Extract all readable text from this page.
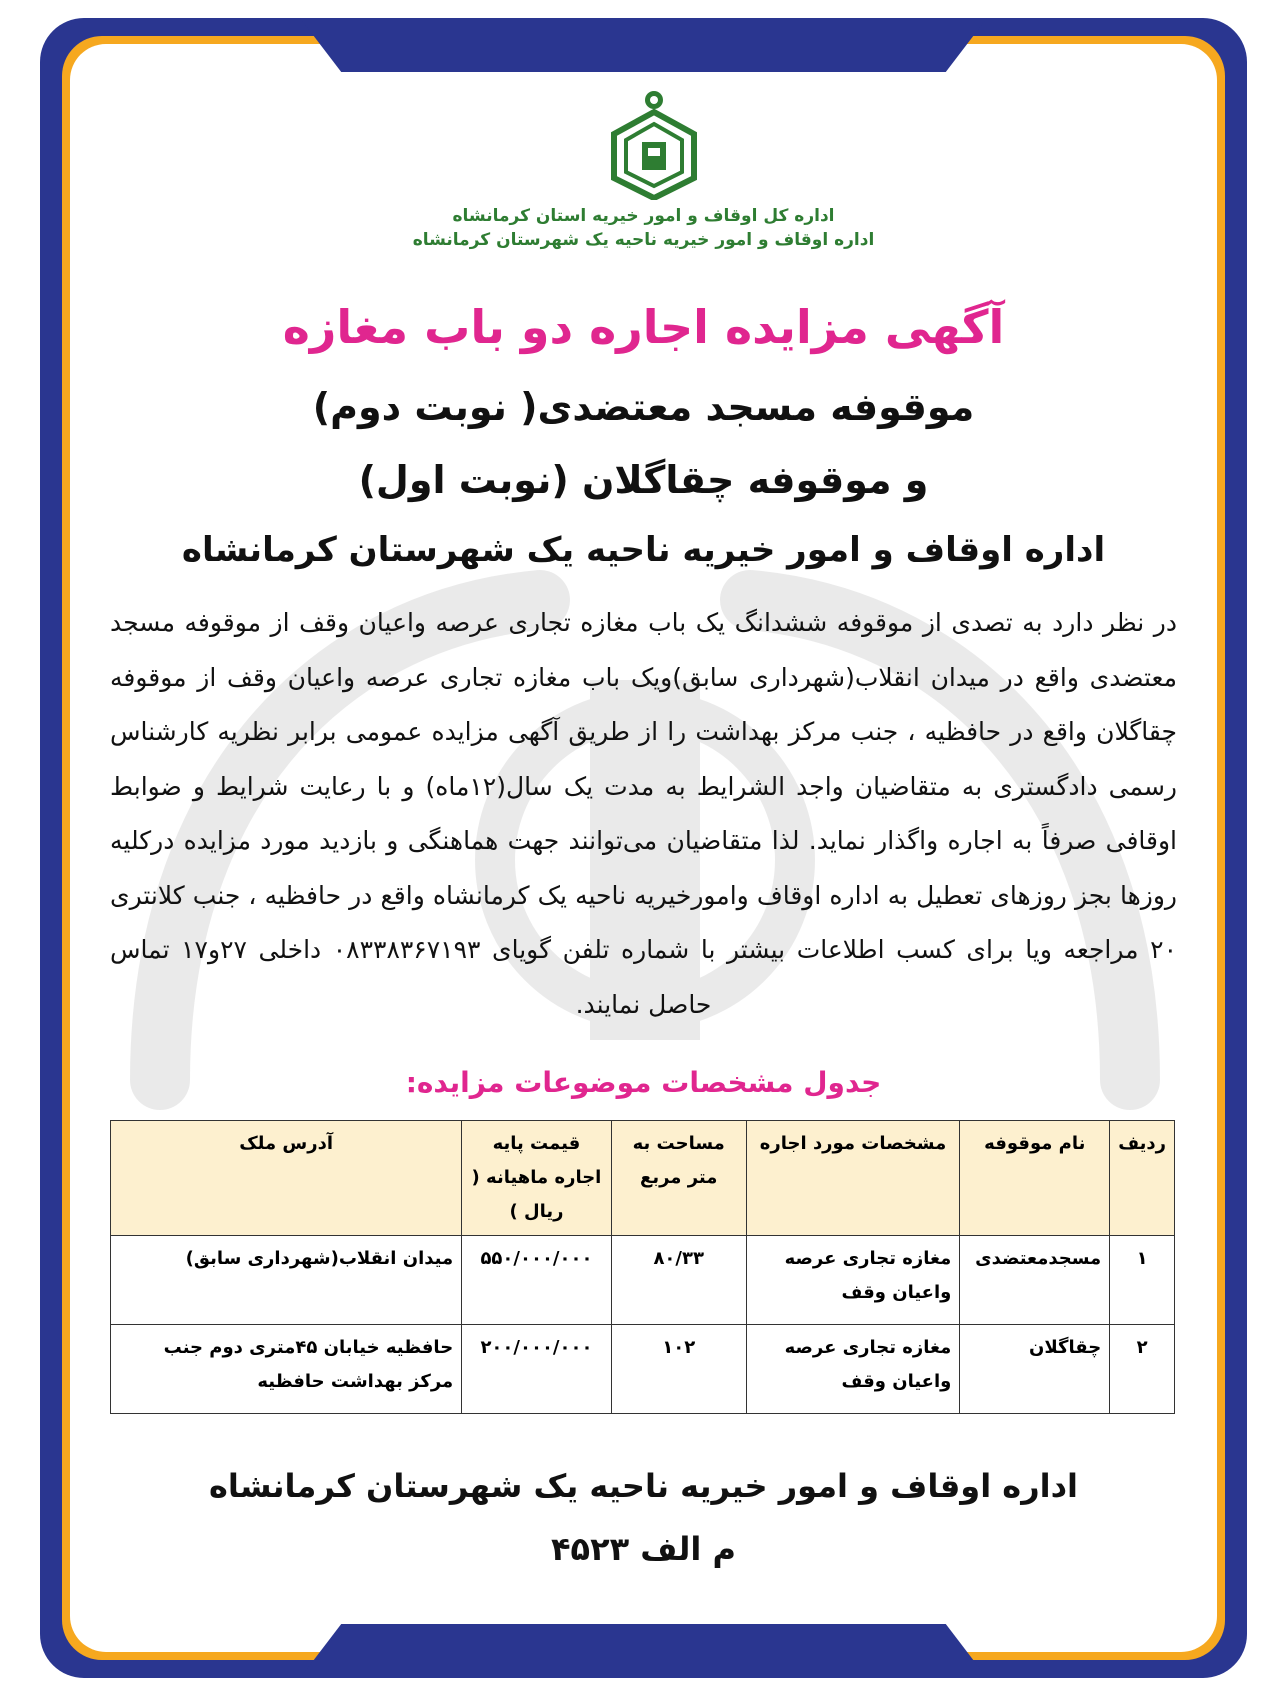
اداره کل اوقاف و امور خیریه استان کرمانشاه
اداره اوقاف و امور خیریه ناحیه یک شهرستان کرمانشاه
آگهی مزایده اجاره دو باب مغازه
موقوفه مسجد معتضدی( نوبت دوم)
و موقوفه چقاگلان (نوبت اول)
اداره اوقاف و امور خیریه ناحیه یک شهرستان کرمانشاه
در نظر دارد به تصدی از موقوفه ششدانگ یک باب مغازه تجاری عرصه واعیان وقف از موقوفه مسجد معتضدی واقع در میدان انقلاب(شهرداری سابق)ویک باب مغازه تجاری عرصه واعیان وقف از موقوفه چقاگلان واقع در حافظیه ، جنب مرکز بهداشت را از طریق آگهی مزایده عمومی برابر نظریه کارشناس رسمی دادگستری به متقاضیان واجد الشرایط به مدت یک سال(۱۲ماه) و با رعایت شرایط و ضوابط اوقافی صرفاً به اجاره واگذار نماید. لذا متقاضیان می‌توانند جهت هماهنگی و بازدید مورد مزایده درکلیه روزها بجز روزهای تعطیل به اداره اوقاف وامورخیریه ناحیه یک کرمانشاه واقع در حافظیه ، جنب کلانتری ۲۰ مراجعه ویا برای کسب اطلاعات بیشتر با شماره تلفن گویای ۰۸۳۳۸۳۶۷۱۹۳ داخلی ۲۷و۱۷ تماس حاصل نمایند.
جدول مشخصات موضوعات مزایده:
ردیف	نام موقوفه	مشخصات مورد اجاره	مساحت به متر مربع	قیمت پایه اجاره ماهیانه ( ریال )	آدرس ملک
۱	مسجدمعتضدی	مغازه تجاری عرصه واعیان وقف	۸۰/۳۳	۵۵۰/۰۰۰/۰۰۰	میدان انقلاب(شهرداری سابق)
۲	چقاگلان	مغازه تجاری عرصه واعیان وقف	۱۰۲	۲۰۰/۰۰۰/۰۰۰	حافظیه خیابان ۴۵متری دوم جنب مرکز بهداشت حافظیه
اداره اوقاف و امور خیریه ناحیه یک شهرستان کرمانشاه
م الف ۴۵۲۳
